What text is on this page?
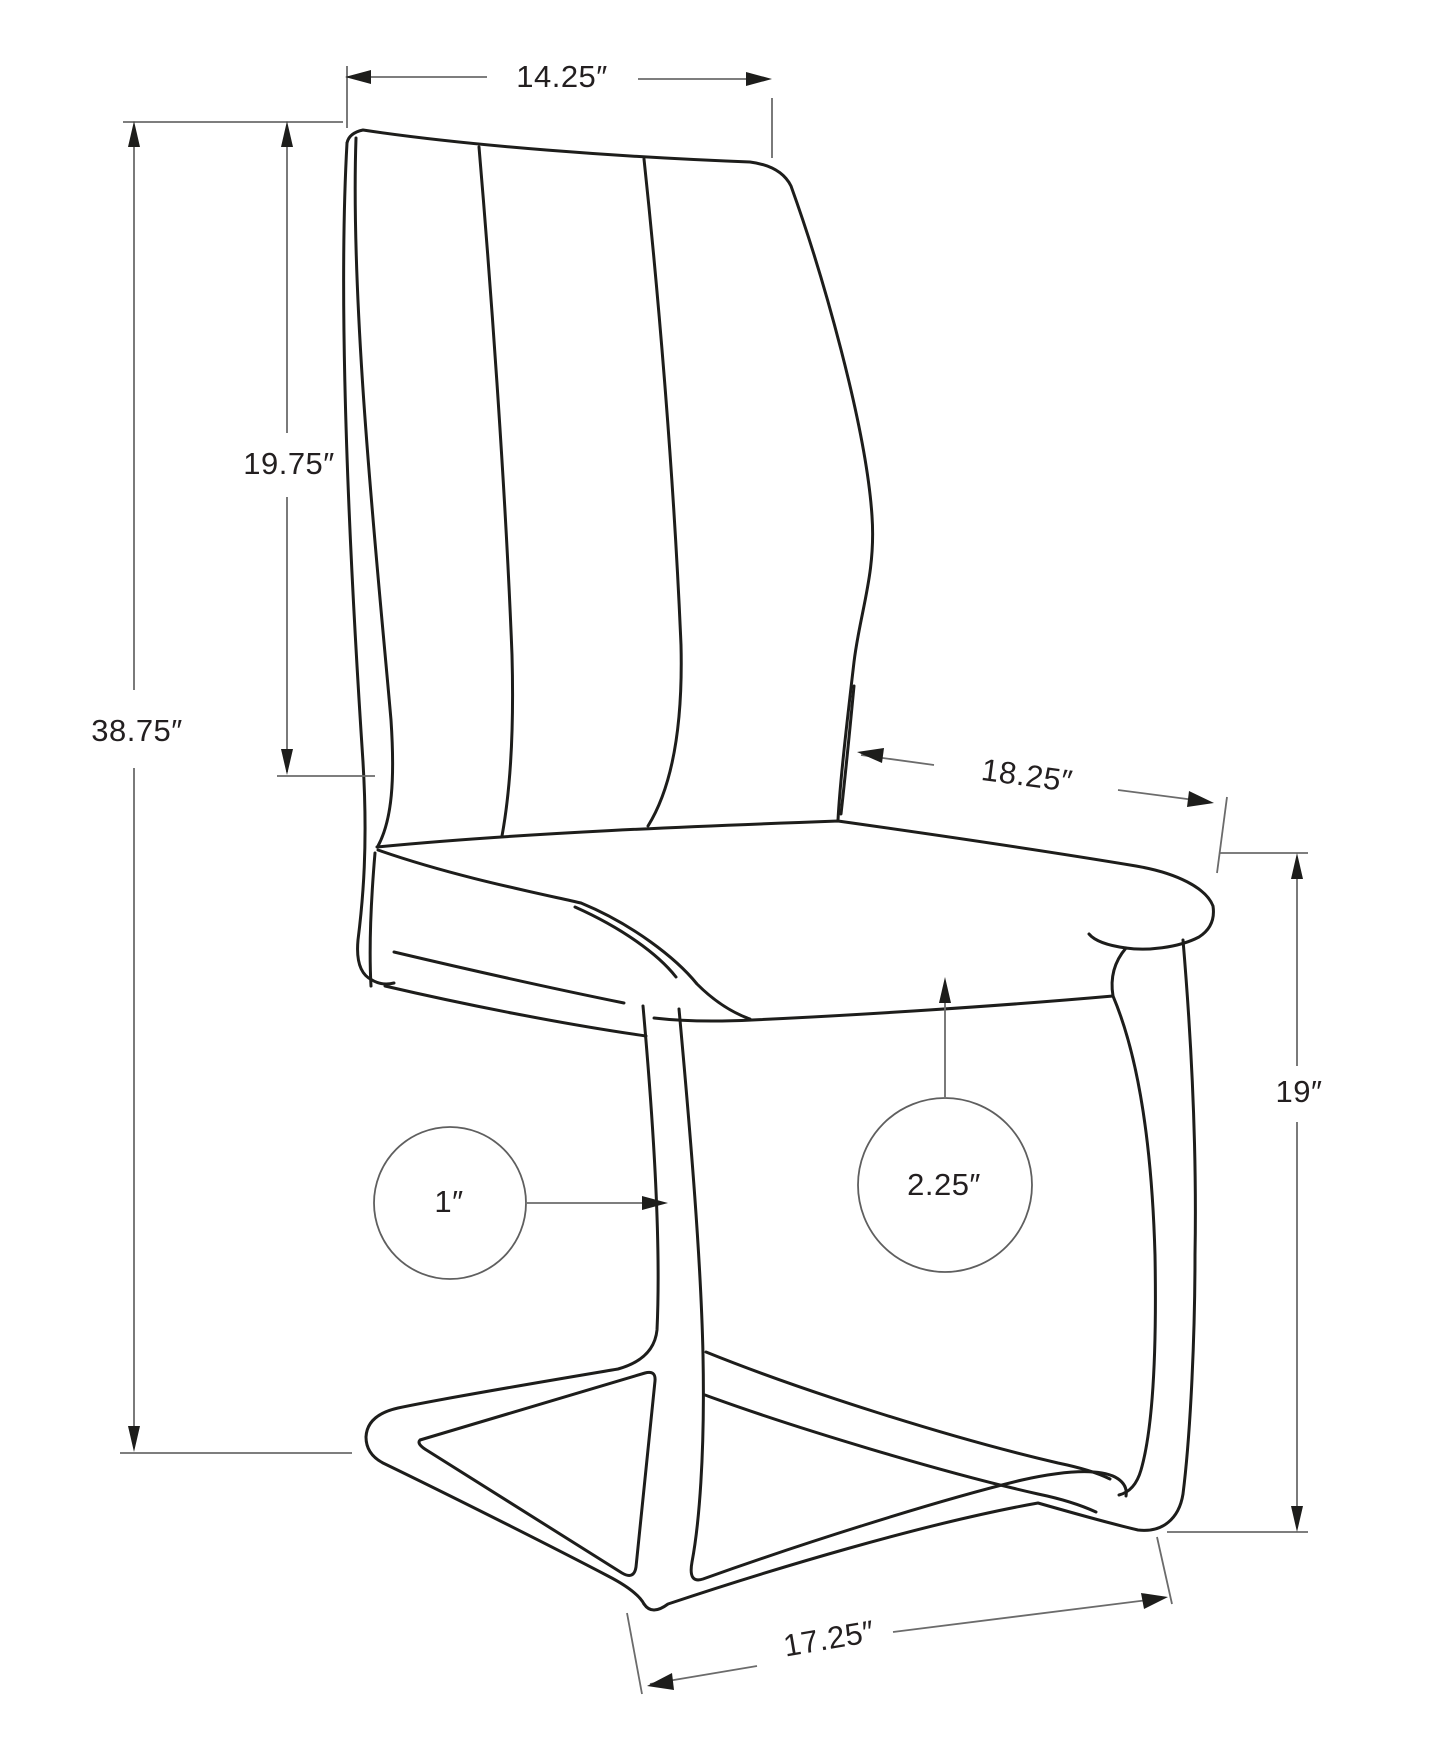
14.25″
38.75″
19.75″
18.25″
19″
1″	2.25″
17.25″
